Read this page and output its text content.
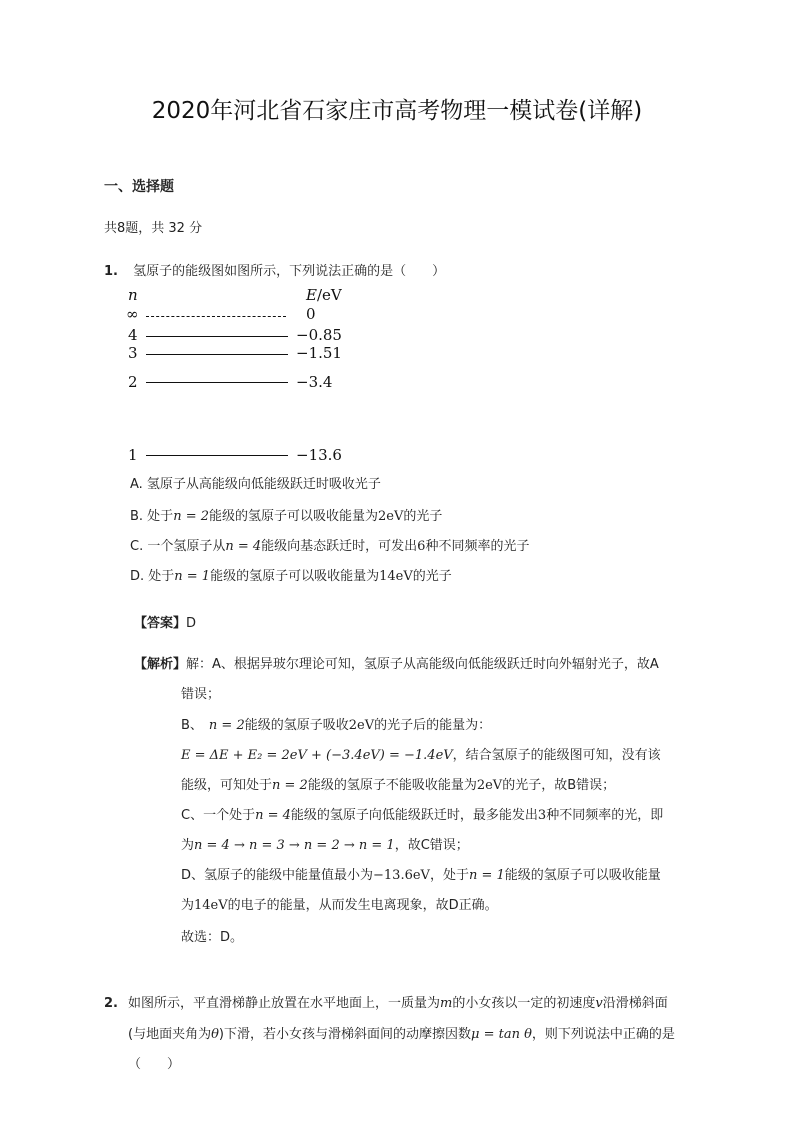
2020年河北省石家庄市高考物理一模试卷(详解)
一、选择题
共8题，共 32 分
1. 氢原子的能级图如图所示，下列说法正确的是（　　）
n	E/eV
∞	0
4	−0.85
3	−1.51
2	−3.4
1	−13.6
A. 氢原子从高能级向低能级跃迁时吸收光子
B. 处于n = 2能级的氢原子可以吸收能量为2eV的光子
C. 一个氢原子从n = 4能级向基态跃迁时，可发出6种不同频率的光子
D. 处于n = 1能级的氢原子可以吸收能量为14eV的光子
【答案】D
【解析】解：A、根据异玻尔理论可知，氢原子从高能级向低能级跃迁时向外辐射光子，故A
错误；
B、 n = 2能级的氢原子吸收2eV的光子后的能量为：
E = ΔE + E₂ = 2eV + (−3.4eV) = −1.4eV，结合氢原子的能级图可知，没有该
能级，可知处于n = 2能级的氢原子不能吸收能量为2eV的光子，故B错误；
C、一个处于n = 4能级的氢原子向低能级跃迁时，最多能发出3种不同频率的光，即
为n = 4 → n = 3 → n = 2 → n = 1，故C错误；
D、氢原子的能级中能量值最小为−13.6eV，处于n = 1能级的氢原子可以吸收能量
为14eV的电子的能量，从而发生电离现象，故D正确。
故选：D。
2. 如图所示，平直滑梯静止放置在水平地面上，一质量为m的小女孩以一定的初速度v沿滑梯斜面
(与地面夹角为θ)下滑，若小女孩与滑梯斜面间的动摩擦因数μ = tan θ，则下列说法中正确的是
（　　）
